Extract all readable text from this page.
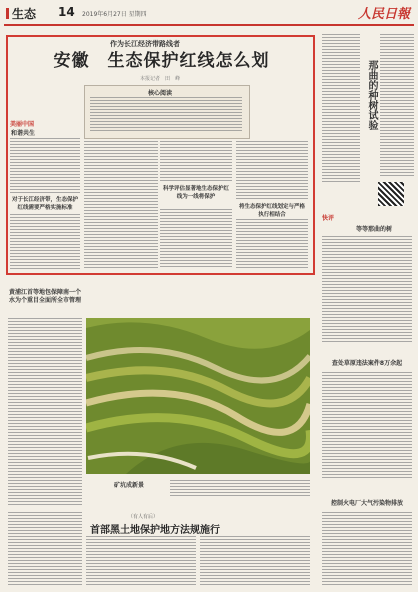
生态 14 2019年6月27日 星期四	人民日報
作为长江经济带路线者
安徽　生态保护红线怎么划
本报记者　田　峰
核心阅读
美丽中国
和谐共生
对于长江经济带，生态保护红线需要严格实施标准
科学评估显著地生态保护红线为一线将保护
将生态保护红线划定与严格执行相结合
那曲的种树试验
快评
等等那曲的树
查处草原违法案件8万余起
控制火电厂大气污染物排放
黄浦江首等地包保障南一个水为个重目全面所全市管理
矿坑成新景
（有人有后）
首部黑土地保护地方法规施行
